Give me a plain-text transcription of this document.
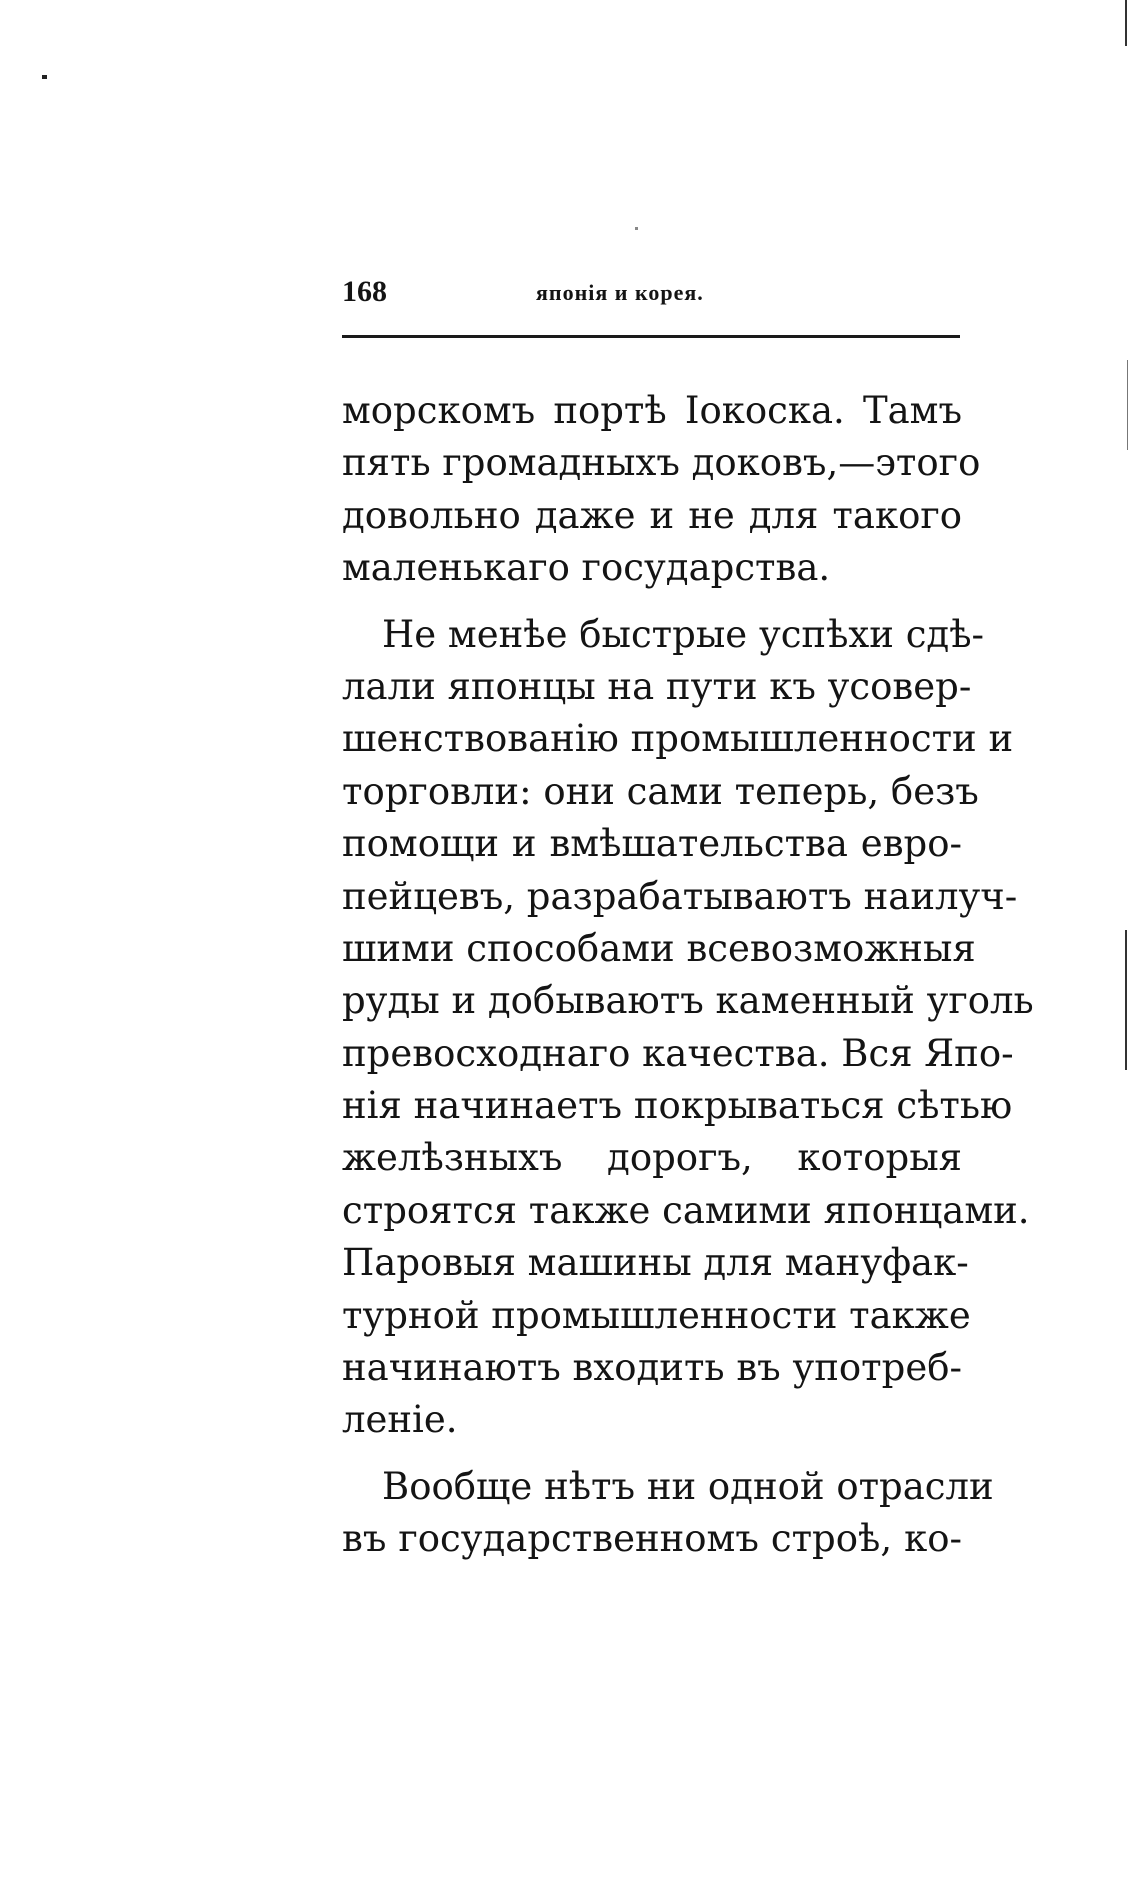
168	японія и корея.
морскомъ портѣ Іокоска. Тамъ
пять громадныхъ доковъ,—этого
довольно даже и не для такого
маленькаго государства.
Не менѣе быстрые успѣхи сдѣ-
лали японцы на пути къ усовер-
шенствованію промышленности и
торговли: они сами теперь, безъ
помощи и вмѣшательства евро-
пейцевъ, разрабатываютъ наилуч-
шими способами всевозможныя
руды и добываютъ каменный уголь
превосходнаго качества. Вся Япо-
нія начинаетъ покрываться сѣтью
желѣзныхъ дорогъ, которыя
строятся также самими японцами.
Паровыя машины для мануфак-
турной промышленности также
начинаютъ входить въ употреб-
леніе.
Вообще нѣтъ ни одной отрасли
въ государственномъ строѣ, ко-
